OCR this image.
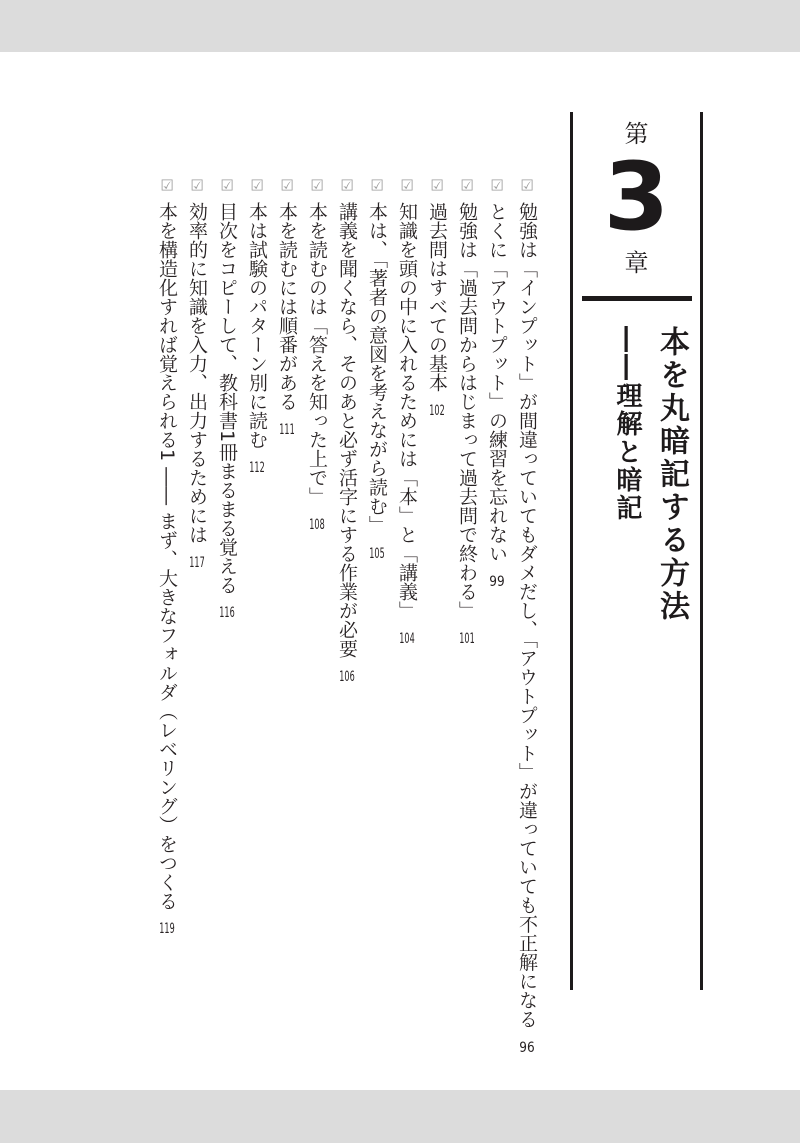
第
3
章
本を丸暗記する方法
――理解と暗記
☑勉強は「インプット」が間違っていてもダメだし、「アウトプット」が違っていても不正解になる96
☑とくに「アウトプット」の練習を忘れない99
☑勉強は「過去問からはじまって過去問で終わる」101
☑過去問はすべての基本102
☑知識を頭の中に入れるためには「本」と「講義」104
☑本は、「著者の意図を考えながら読む」105
☑講義を聞くなら、そのあと必ず活字にする作業が必要106
☑本を読むのは「答えを知った上で」108
☑本を読むには順番がある111
☑本は試験のパターン別に読む112
☑目次をコピーして、教科書1冊まるまる覚える116
☑効率的に知識を入力、出力するためには117
☑本を構造化すれば覚えられる1 ―― まず、大きなフォルダ（レベリング）をつくる119
